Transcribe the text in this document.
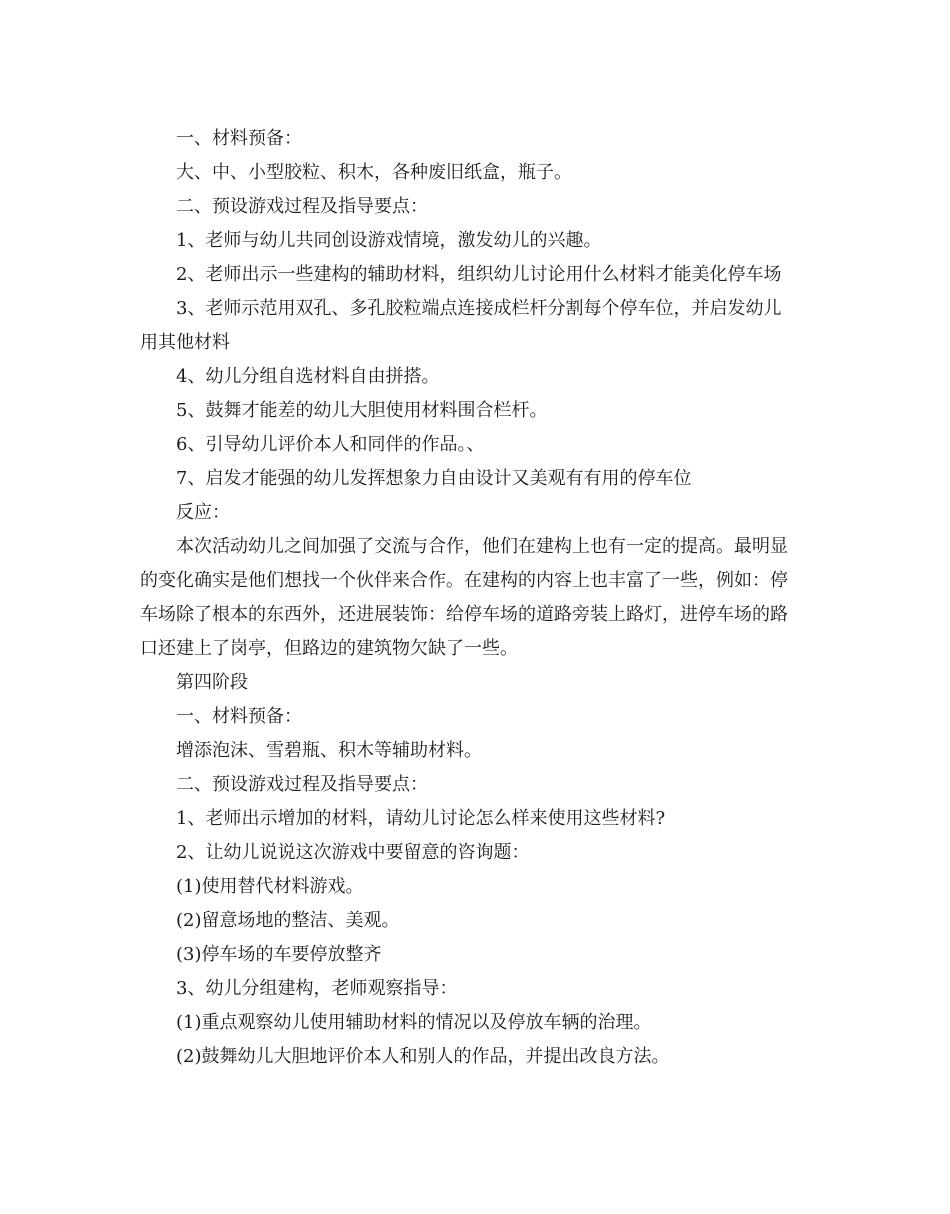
一、材料预备：
大、中、小型胶粒、积木，各种废旧纸盒，瓶子。
二、预设游戏过程及指导要点：
1、老师与幼儿共同创设游戏情境，激发幼儿的兴趣。
2、老师出示一些建构的辅助材料，组织幼儿讨论用什么材料才能美化停车场
3、老师示范用双孔、多孔胶粒端点连接成栏杆分割每个停车位，并启发幼儿
用其他材料
4、幼儿分组自选材料自由拼搭。
5、鼓舞才能差的幼儿大胆使用材料围合栏杆。
6、引导幼儿评价本人和同伴的作品。、
7、启发才能强的幼儿发挥想象力自由设计又美观有有用的停车位
反应：
本次活动幼儿之间加强了交流与合作，他们在建构上也有一定的提高。最明显
的变化确实是他们想找一个伙伴来合作。在建构的内容上也丰富了一些，例如：停
车场除了根本的东西外，还进展装饰：给停车场的道路旁装上路灯，进停车场的路
口还建上了岗亭，但路边的建筑物欠缺了一些。
第四阶段
一、材料预备：
增添泡沫、雪碧瓶、积木等辅助材料。
二、预设游戏过程及指导要点：
1、老师出示增加的材料，请幼儿讨论怎么样来使用这些材料?
2、让幼儿说说这次游戏中要留意的咨询题：
(1)使用替代材料游戏。
(2)留意场地的整洁、美观。
(3)停车场的车要停放整齐
3、幼儿分组建构，老师观察指导：
(1)重点观察幼儿使用辅助材料的情况以及停放车辆的治理。
(2)鼓舞幼儿大胆地评价本人和别人的作品，并提出改良方法。
